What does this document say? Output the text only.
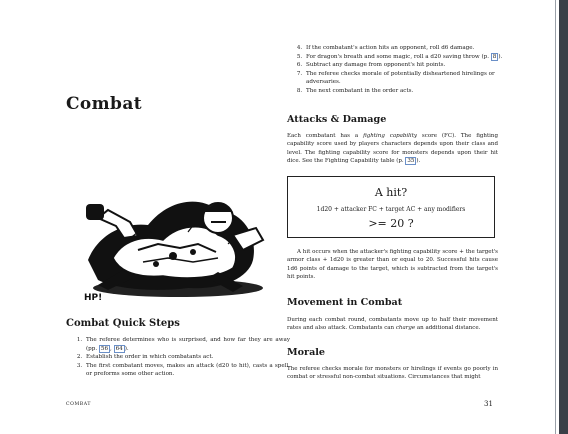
Combat
HP!
Combat Quick Steps
1. The referee determines who is surprised, and how far they are away (pp. 56 , 64 ).
2. Establish the order in which combatants act.
3. The first combatant moves, makes an attack (d20 to hit), casts a spell, or preforms some other action.
4. If the combatant's action hits an opponent, roll d6 damage.
5. For dragon's breath and some magic, roll a d20 saving throw (p. 8 ).
6. Subtract any damage from opponent's hit points.
7. The referee checks morale of potentially disheartened hirelings or adversaries.
8. The next combatant in the order acts.
Attacks & Damage

Each combatant has a fighting capability score (FC). The fighting capability score used by players characters depends upon their class and level. The fighting capability score for monsters depends upon their hit dice. See the Fighting Capability table (p. 35 ).

A hit?
1d20 + attacker FC + target AC + any modifiers
>= 20 ?

A hit occurs when the attacker's fighting capability score + the target's armor class + 1d20 is greater than or equal to 20. Successful hits cause 1d6 points of damage to the target, which is subtracted from the target's hit points.

Movement in Combat

During each combat round, combatants move up to half their movement rates and also attack. Combatants can charge an additional distance.

Morale

The referee checks morale for monsters or hirelings if events go poorly in combat or stressful non-combat situations. Circumstances that might

COMBAT	31
